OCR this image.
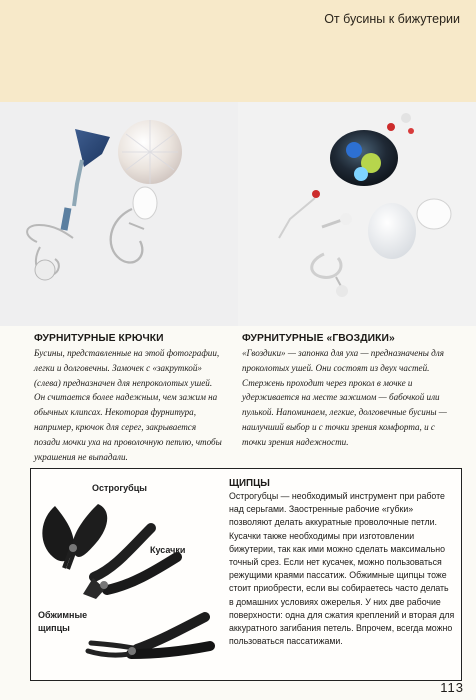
От бусины к бижутерии
ФУРНИТУРНЫЕ КРЮЧКИ
Бусины, представленные на этой фотографии, легки и долговечны. Замочек с «закруткой» (слева) предназначен для непроколотых ушей. Он считается более надежным, чем зажим на обычных клипсах. Некоторая фурнитура, например, крючок для серег, закрывается позади мочки уха на проволочную петлю, чтобы украшения не выпадали.
ФУРНИТУРНЫЕ «ГВОЗДИКИ»
«Гвоздики» — запонка для уха — предназначены для проколотых ушей. Они состоят из двух частей. Стержень проходит через прокол в мочке и удерживается на месте зажимом — бабочкой или пулькой. Напоминаем, легкие, долговечные бусины — наилучший выбор и с точки зрения комфорта, и с точки зрения надежности.
Острогубцы
Кусачки
Обжимные
щипцы
ЩИПЦЫ
Острогубцы — необходимый инструмент при работе над серьгами. Заостренные рабочие «губки» позволяют делать аккуратные проволочные петли. Кусачки также необходимы при изготовлении бижутерии, так как ими можно сделать максимально точный срез. Если нет кусачек, можно пользоваться режущими краями пассатиж. Обжимные щипцы тоже стоит приобрести, если вы собираетесь часто делать в домашних условиях ожерелья. У них две рабочие поверхности: одна для сжатия креплений и вторая для аккуратного загибания петель. Впрочем, всегда можно пользоваться пассатижами.
113
